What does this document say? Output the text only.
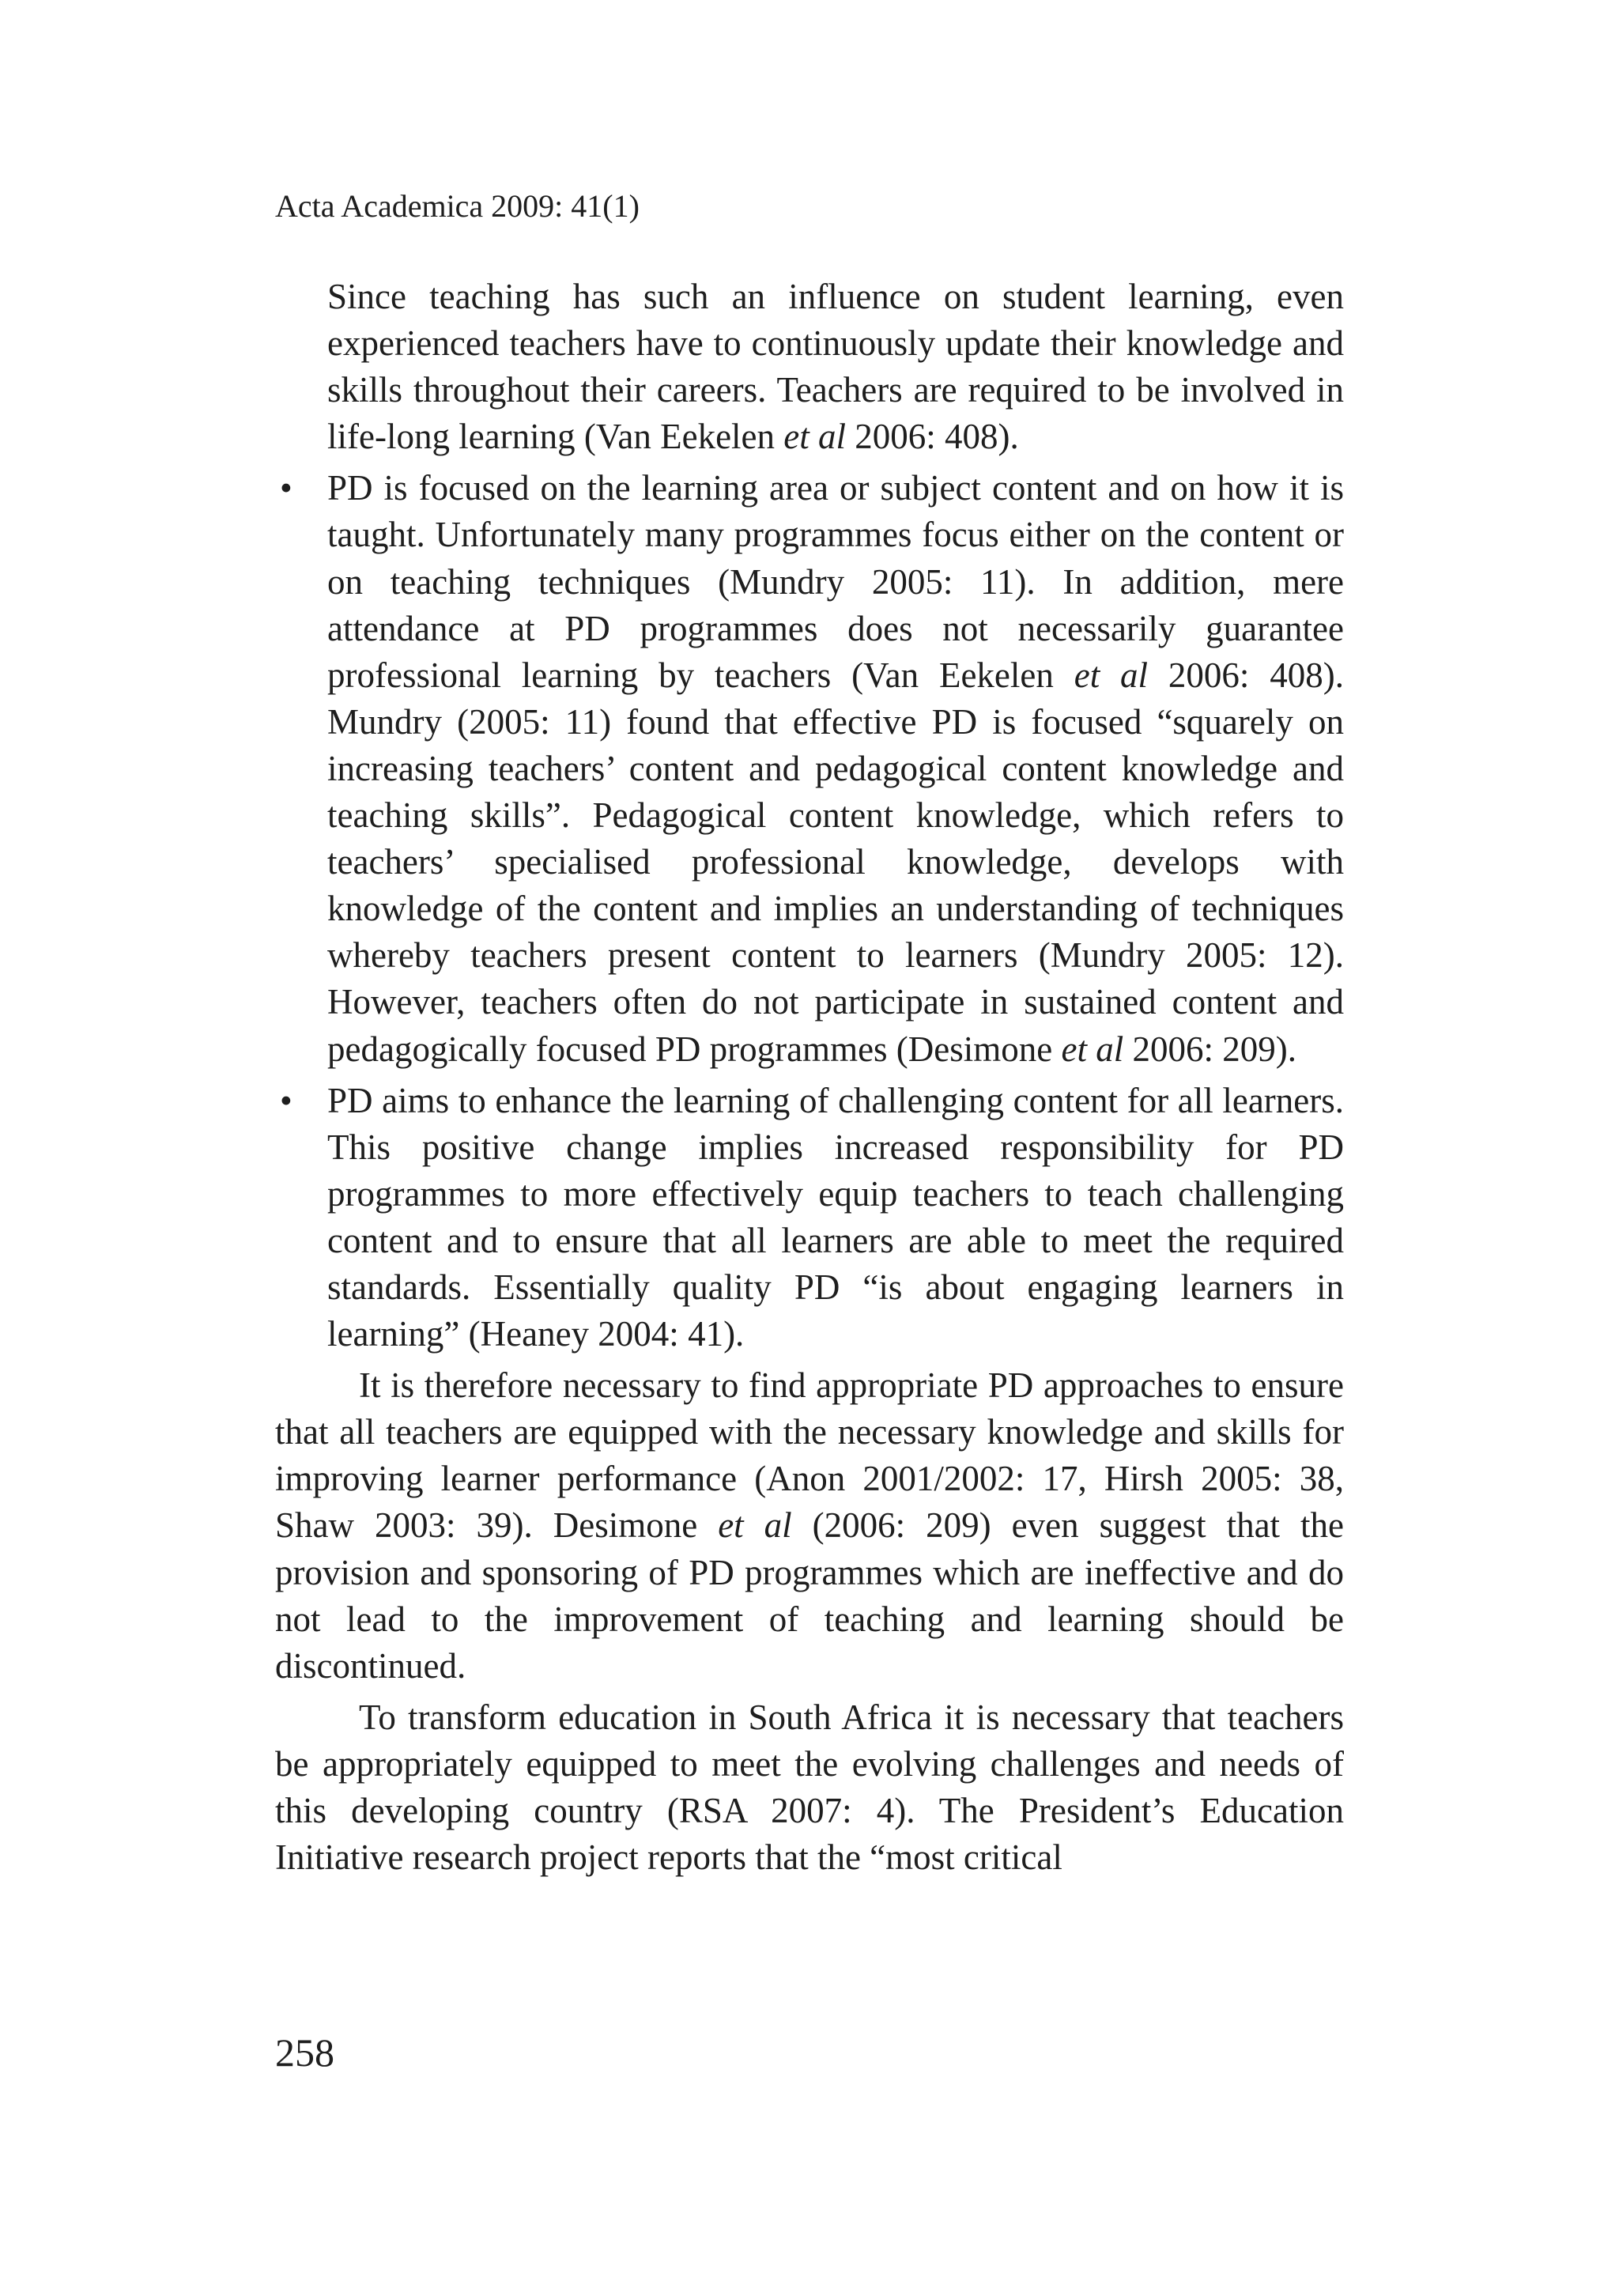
Acta Academica 2009: 41(1)

Since teaching has such an influence on student learning, even experienced teachers have to continuously update their knowledge and skills throughout their careers. Teachers are required to be involved in life-long learning (Van Eekelen et al 2006: 408).

• PD is focused on the learning area or subject content and on how it is taught. Unfortunately many programmes focus either on the content or on teaching techniques (Mundry 2005: 11). In addition, mere attendance at PD programmes does not necessarily guarantee professional learning by teachers (Van Eekelen et al 2006: 408). Mundry (2005: 11) found that effective PD is focused “squarely on increasing teachers’ content and pedagogical content knowledge and teaching skills”. Pedagogical content knowledge, which refers to teachers’ specialised professional knowledge, develops with knowledge of the content and implies an understanding of techniques whereby teachers present content to learners (Mundry 2005: 12). However, teachers often do not participate in sustained content and pedagogically focused PD programmes (Desimone et al 2006: 209).
• PD aims to enhance the learning of challenging content for all learners. This positive change implies increased responsibility for PD programmes to more effectively equip teachers to teach challenging content and to ensure that all learners are able to meet the required standards. Essentially quality PD “is about engaging learners in learning” (Heaney 2004: 41).

It is therefore necessary to find appropriate PD approaches to ensure that all teachers are equipped with the necessary knowledge and skills for improving learner performance (Anon 2001/2002: 17, Hirsh 2005: 38, Shaw 2003: 39). Desimone et al (2006: 209) even suggest that the provision and sponsoring of PD programmes which are ineffective and do not lead to the improvement of teaching and learning should be discontinued.

To transform education in South Africa it is necessary that teachers be appropriately equipped to meet the evolving challenges and needs of this developing country (RSA 2007: 4). The President’s Education Initiative research project reports that the “most critical

258
